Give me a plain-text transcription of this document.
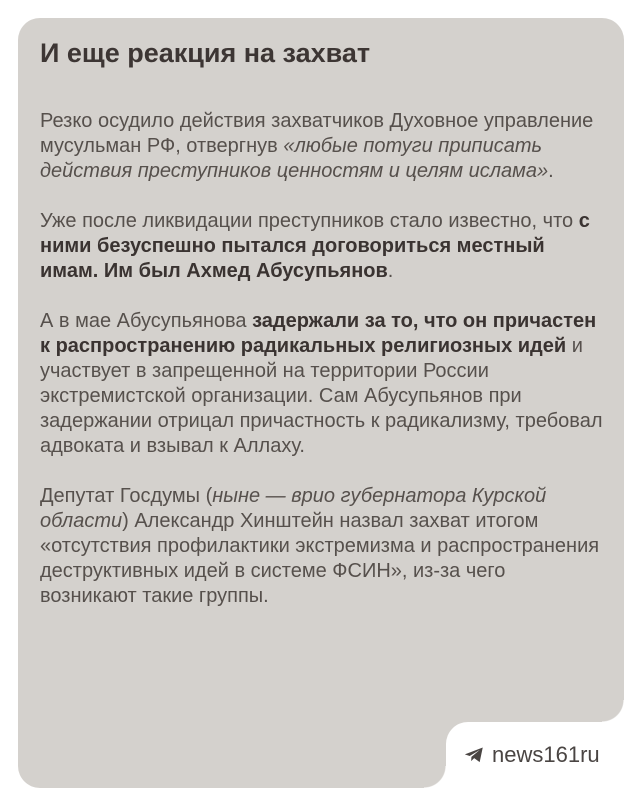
И еще реакция на захват

Резко осудило действия захватчиков Духовное управление мусульман РФ, отвергнув «любые потуги приписать действия преступников ценностям и целям ислама».

Уже после ликвидации преступников стало известно, что с ними безуспешно пытался договориться местный имам. Им был Ахмед Абусупьянов.

А в мае Абусупьянова задержали за то, что он причастен к распространению радикальных религиозных идей и участвует в запрещенной на территории России экстремистской организации. Сам Абусупьянов при задержании отрицал причастность к радикализму, требовал адвоката и взывал к Аллаху.

Депутат Госдумы (ныне — врио губернатора Курской области) Александр Хинштейн назвал захват итогом «отсутствия профилактики экстремизма и распространения деструктивных идей в системе ФСИН», из-за чего возникают такие группы.

news161ru
